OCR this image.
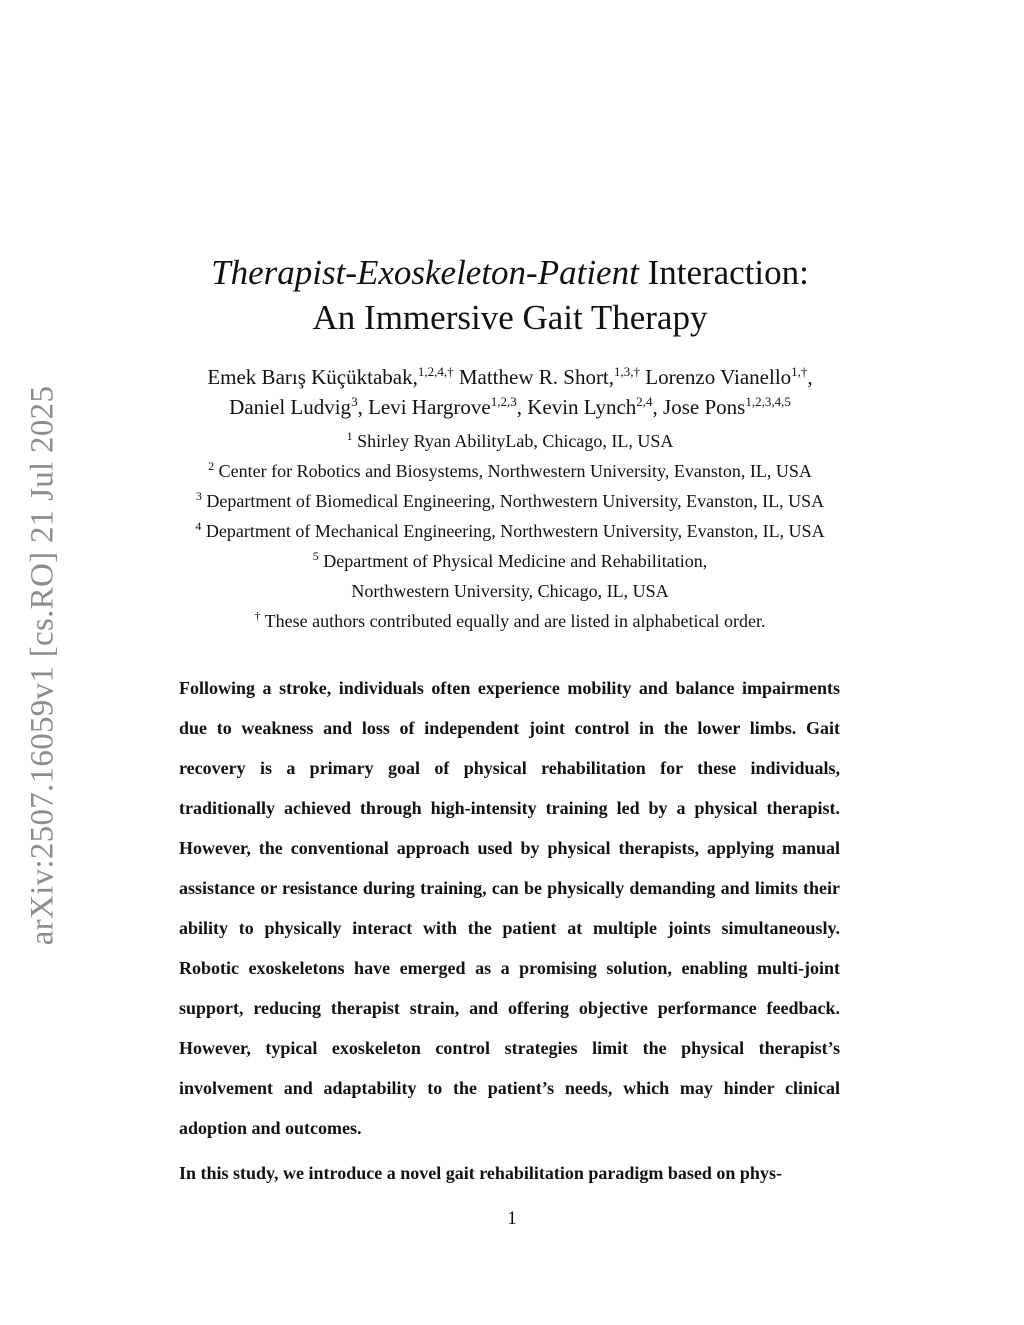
arXiv:2507.16059v1 [cs.RO] 21 Jul 2025
Therapist-Exoskeleton-Patient Interaction:
An Immersive Gait Therapy
Emek Barış Küçüktabak,$^{1,2,4,\dagger}$ Matthew R. Short,$^{1,3,\dagger}$ Lorenzo Vianello$^{1,\dagger}$,
Daniel Ludvig$^3$, Levi Hargrove$^{1,2,3}$, Kevin Lynch$^{2,4}$, Jose Pons$^{1,2,3,4,5}$
$^1$ Shirley Ryan AbilityLab, Chicago, IL, USA
$^2$ Center for Robotics and Biosystems, Northwestern University, Evanston, IL, USA
$^3$ Department of Biomedical Engineering, Northwestern University, Evanston, IL, USA
$^4$ Department of Mechanical Engineering, Northwestern University, Evanston, IL, USA
$^5$ Department of Physical Medicine and Rehabilitation,
Northwestern University, Chicago, IL, USA
† These authors contributed equally and are listed in alphabetical order.

Following a stroke, individuals often experience mobility and balance impairments due to weakness and loss of independent joint control in the lower limbs. Gait recovery is a primary goal of physical rehabilitation for these individuals, traditionally achieved through high-intensity training led by a physical therapist. However, the conventional approach used by physical therapists, applying manual assistance or resistance during training, can be physically demanding and limits their ability to physically interact with the patient at multiple joints simultaneously. Robotic exoskeletons have emerged as a promising solution, enabling multi-joint support, reducing therapist strain, and offering objective performance feedback. However, typical exoskeleton control strategies limit the physical therapist’s involvement and adaptability to the patient’s needs, which may hinder clinical adoption and outcomes.

In this study, we introduce a novel gait rehabilitation paradigm based on phys-

1
